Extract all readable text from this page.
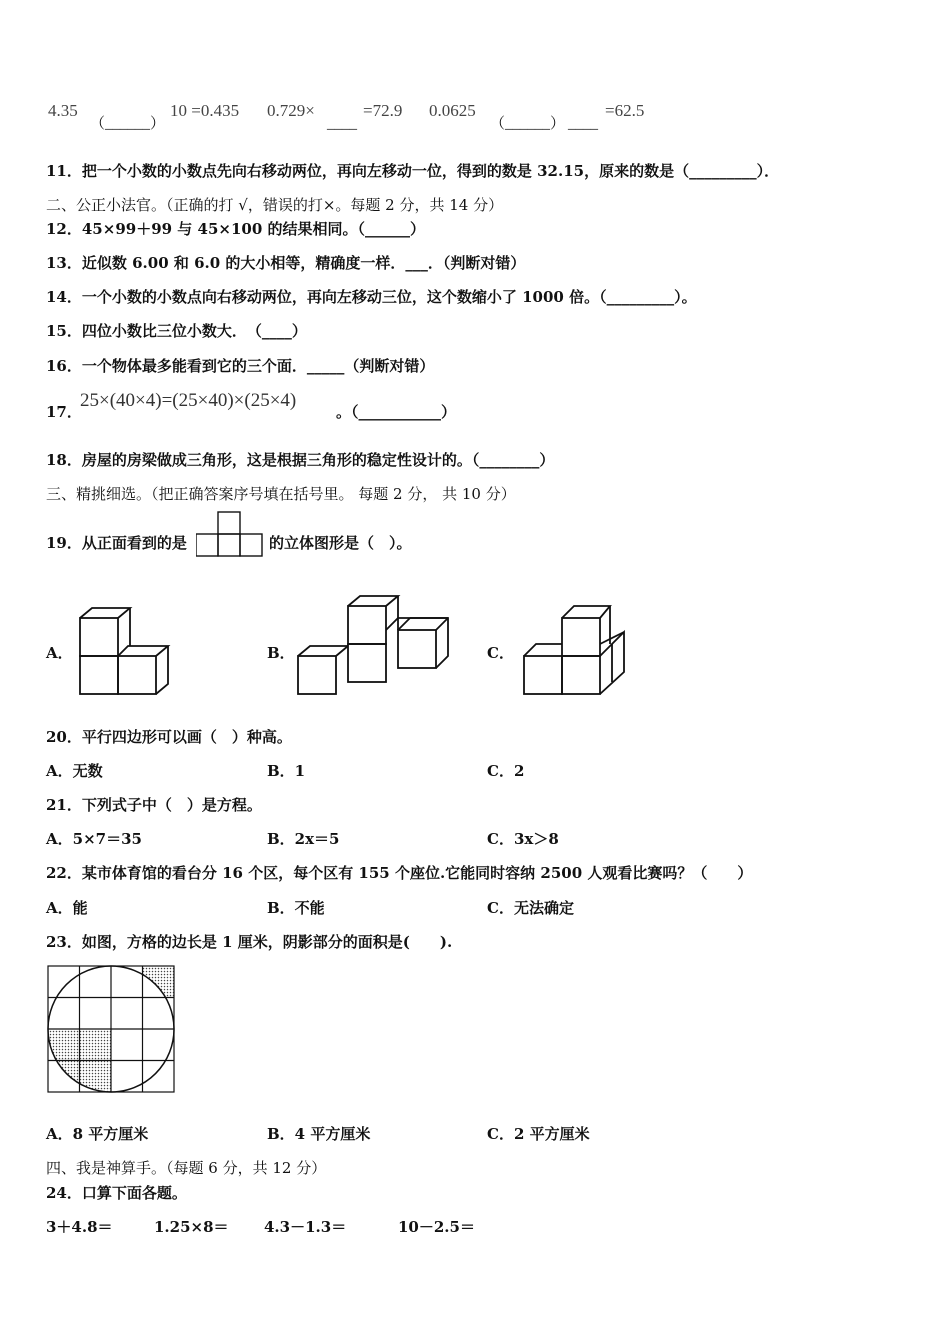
4.35
（______）
10 =0.435 0.729×
____
=72.9 0.0625
（______） ____
=62.5
11．把一个小数的小数点先向右移动两位，再向左移动一位，得到的数是 32.15，原来的数是（_________）．
二、公正小法官。（正确的打 √，错误的打×。每题 2 分，共 14 分）
12．45×99＋99 与 45×100 的结果相同。（______）
13．近似数 6.00 和 6.0 的大小相等，精确度一样．___．（判断对错）
14．一个小数的小数点向右移动两位，再向左移动三位，这个数缩小了 1000 倍。（_________）。
15．四位小数比三位小数大．　（____）
16．一个物体最多能看到它的三个面．_____（判断对错）
17．
25×(40×4)=(25×40)×(25×4)
。（___________）
18．房屋的房梁做成三角形，这是根据三角形的稳定性设计的。（________）
三、精挑细选。（把正确答案序号填在括号里。 每题 2 分， 共 10 分）
19．从正面看到的是	的立体图形是（　）。
A．	B．	C．
20．平行四边形可以画（　）种高。
A．无数	B．1	C．2
21．下列式子中（　）是方程。
A．5×7＝35	B．2x＝5	C．3x＞8
22．某市体育馆的看台分 16 个区，每个区有 155 个座位.它能同时容纳 2500 人观看比赛吗？（　　）
A．能	B．不能	C．无法确定
23．如图，方格的边长是 1 厘米，阴影部分的面积是(　　).
A．8 平方厘米	B．4 平方厘米	C．2 平方厘米
四、我是神算手。（每题 6 分，共 12 分）
24．口算下面各题。
3＋4.8＝	1.25×8＝ 4.3－1.3＝	10－2.5＝
